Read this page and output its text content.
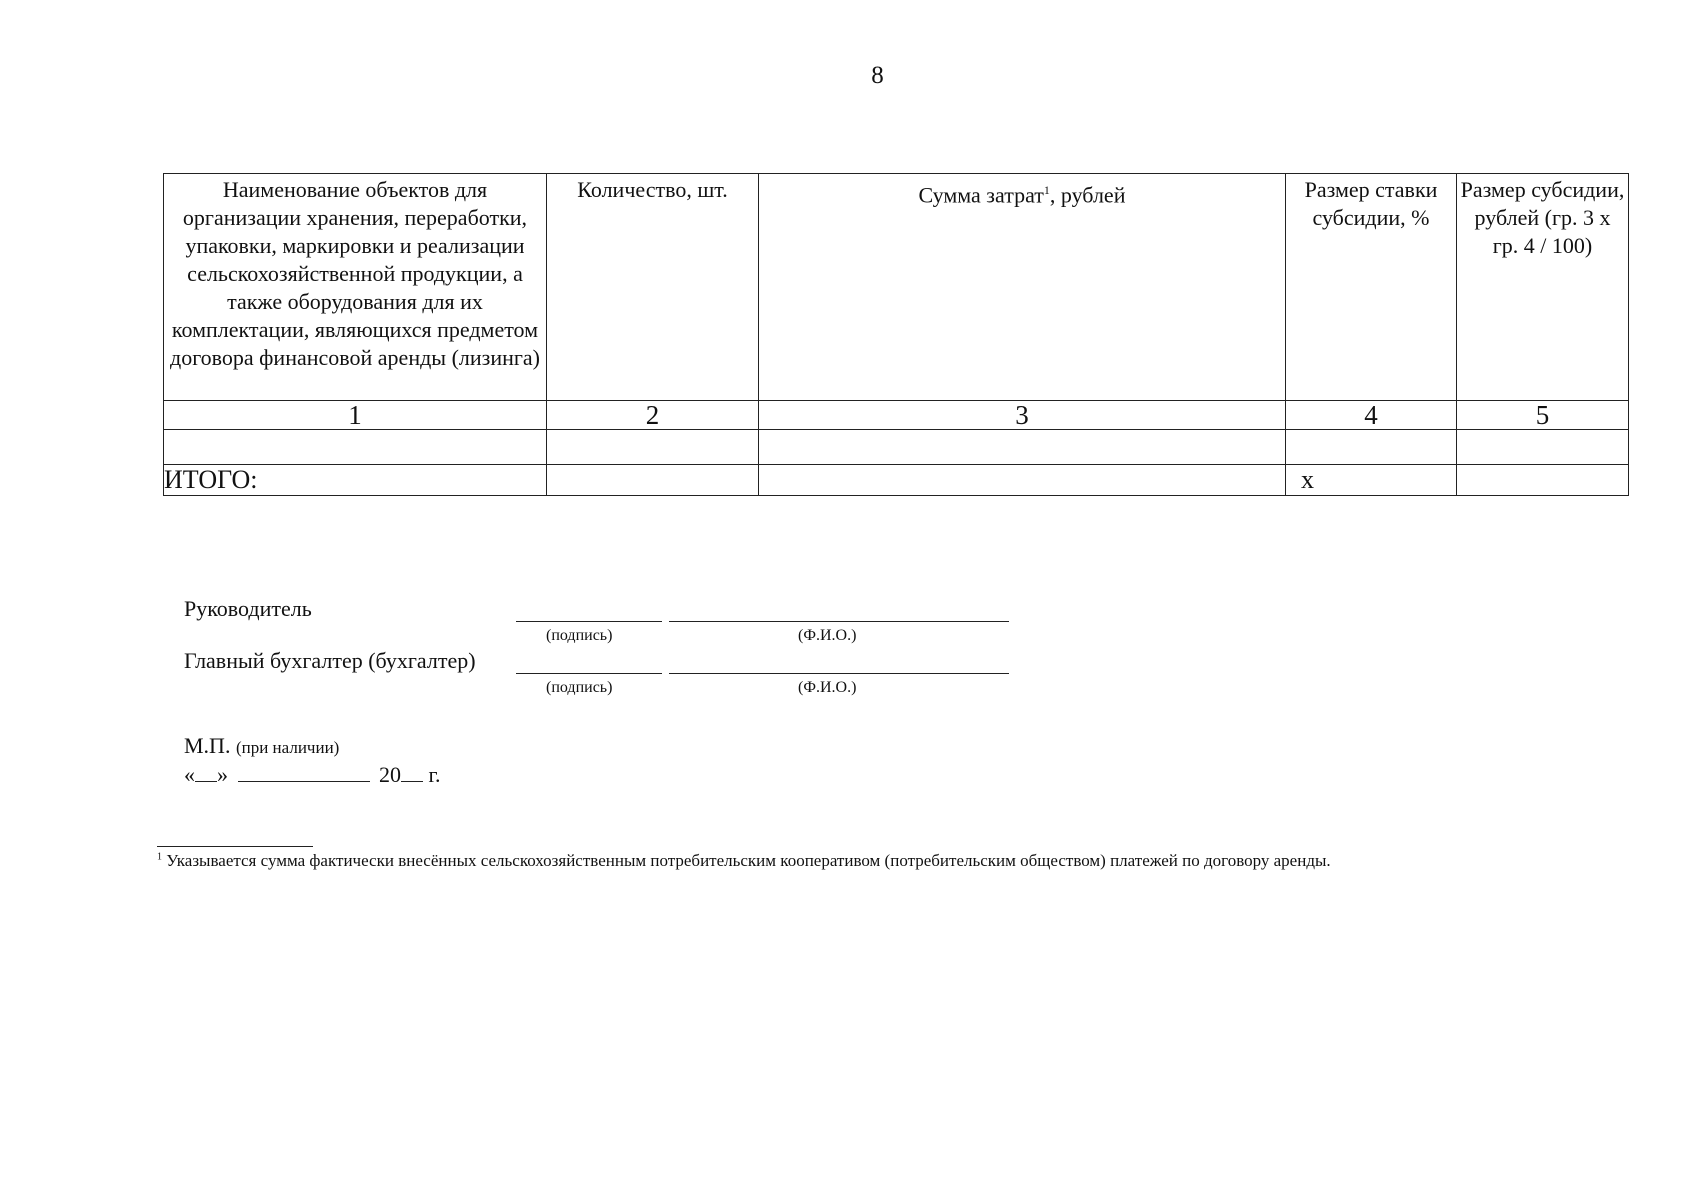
8
Наименование объектов для организации хранения, переработки, упаковки, маркировки и реализации сельскохозяйственной продукции, а также оборудования для их комплектации, являющихся предметом договора финансовой аренды (лизинга)	Количество, шт.	Сумма затрат$^1$, рублей	Размер ставки субсидии, %	Размер субсидии, рублей (гр. 3 x гр. 4 / 100)
1	2	3	4	5

ИТОГО:			x	
Руководитель
(подпись)	(Ф.И.О.)
Главный бухгалтер (бухгалтер)
(подпись)	(Ф.И.О.)
М.П. (при наличии)
« »	20 г.
$^1$ Указывается сумма фактически внесённых сельскохозяйственным потребительским кооперативом (потребительским обществом) платежей по договору аренды.
